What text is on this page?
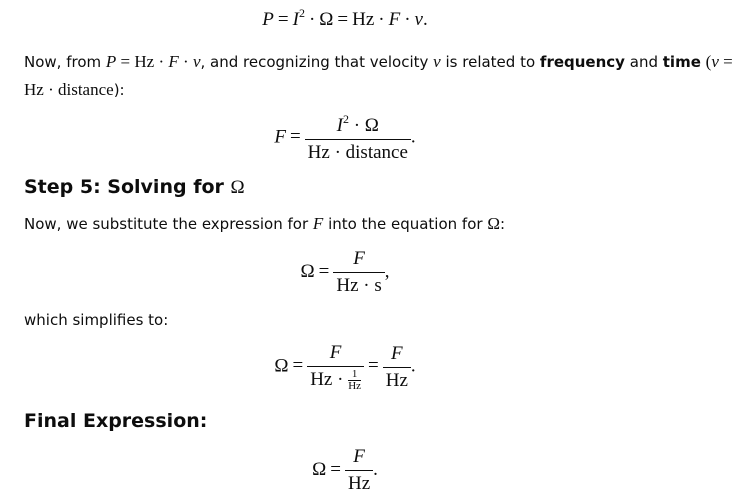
$P = I^2 \cdot \Omega = Hz \cdot F \cdot v$.
Now, from P = Hz · F · v, and recognizing that velocity v is related to frequency and time (v =
Hz · distance):
$F = \frac{I^2 \cdot \Omega}{\text{Hz · distance}}$ .
Step 5: Solving for Ω
Now, we substitute the expression for F into the equation for Ω:
$\Omega = \frac{F}{Hz \cdot s}$ ,
which simplifies to:
$\Omega = \frac{F}{Hz \cdot \frac{1}{Hz}} = \frac{F}{Hz}$ .
Final Expression:
$\Omega = \frac{F}{Hz}$ .
